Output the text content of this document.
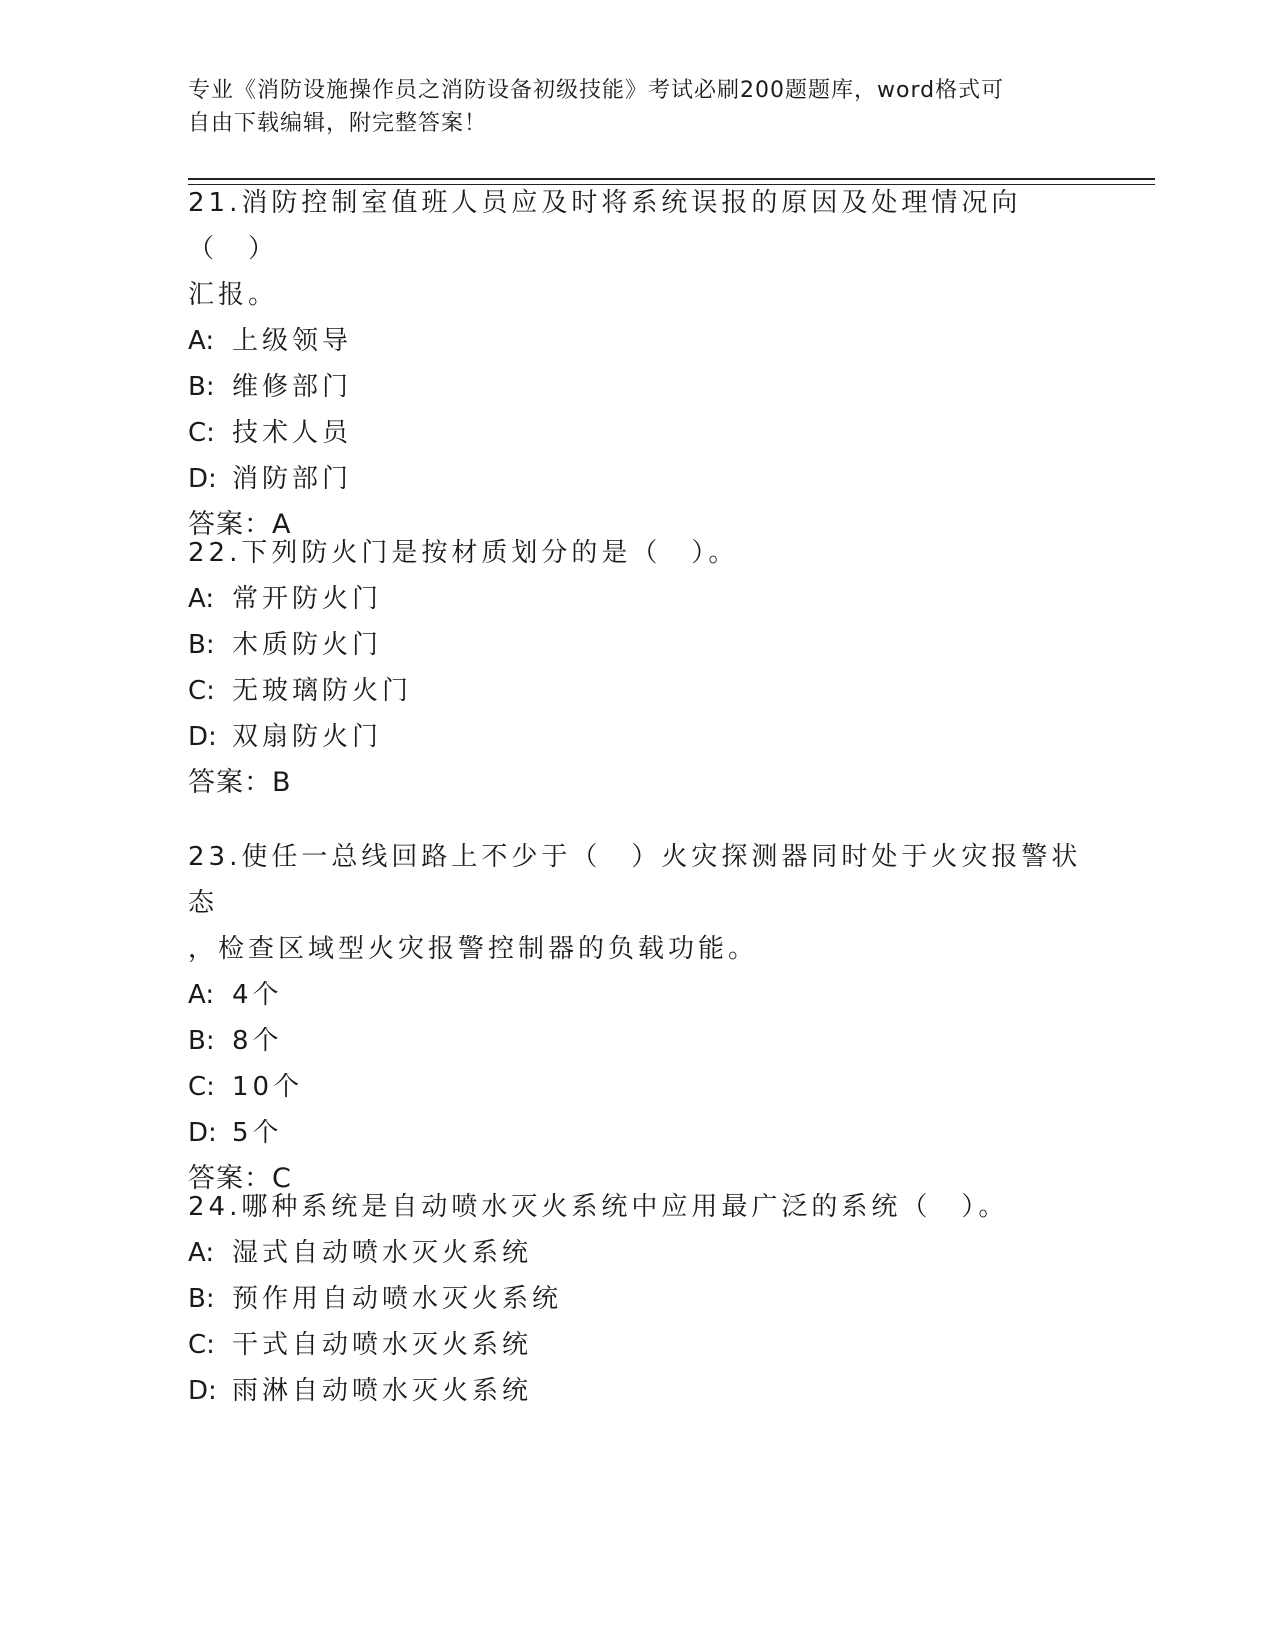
专业《消防设施操作员之消防设备初级技能》考试必刷200题题库，word格式可
自由下载编辑，附完整答案！
21.消防控制室值班人员应及时将系统误报的原因及处理情况向（　）
汇报。
A: 上级领导
B: 维修部门
C: 技术人员
D: 消防部门
答案：A
22.下列防火门是按材质划分的是（　）。
A: 常开防火门
B: 木质防火门
C: 无玻璃防火门
D: 双扇防火门
答案：B
23.使任一总线回路上不少于（　）火灾探测器同时处于火灾报警状态
，检查区域型火灾报警控制器的负载功能。
A: 4个
B: 8个
C: 10个
D: 5个
答案：C
24.哪种系统是自动喷水灭火系统中应用最广泛的系统（　）。
A: 湿式自动喷水灭火系统
B: 预作用自动喷水灭火系统
C: 干式自动喷水灭火系统
D: 雨淋自动喷水灭火系统
